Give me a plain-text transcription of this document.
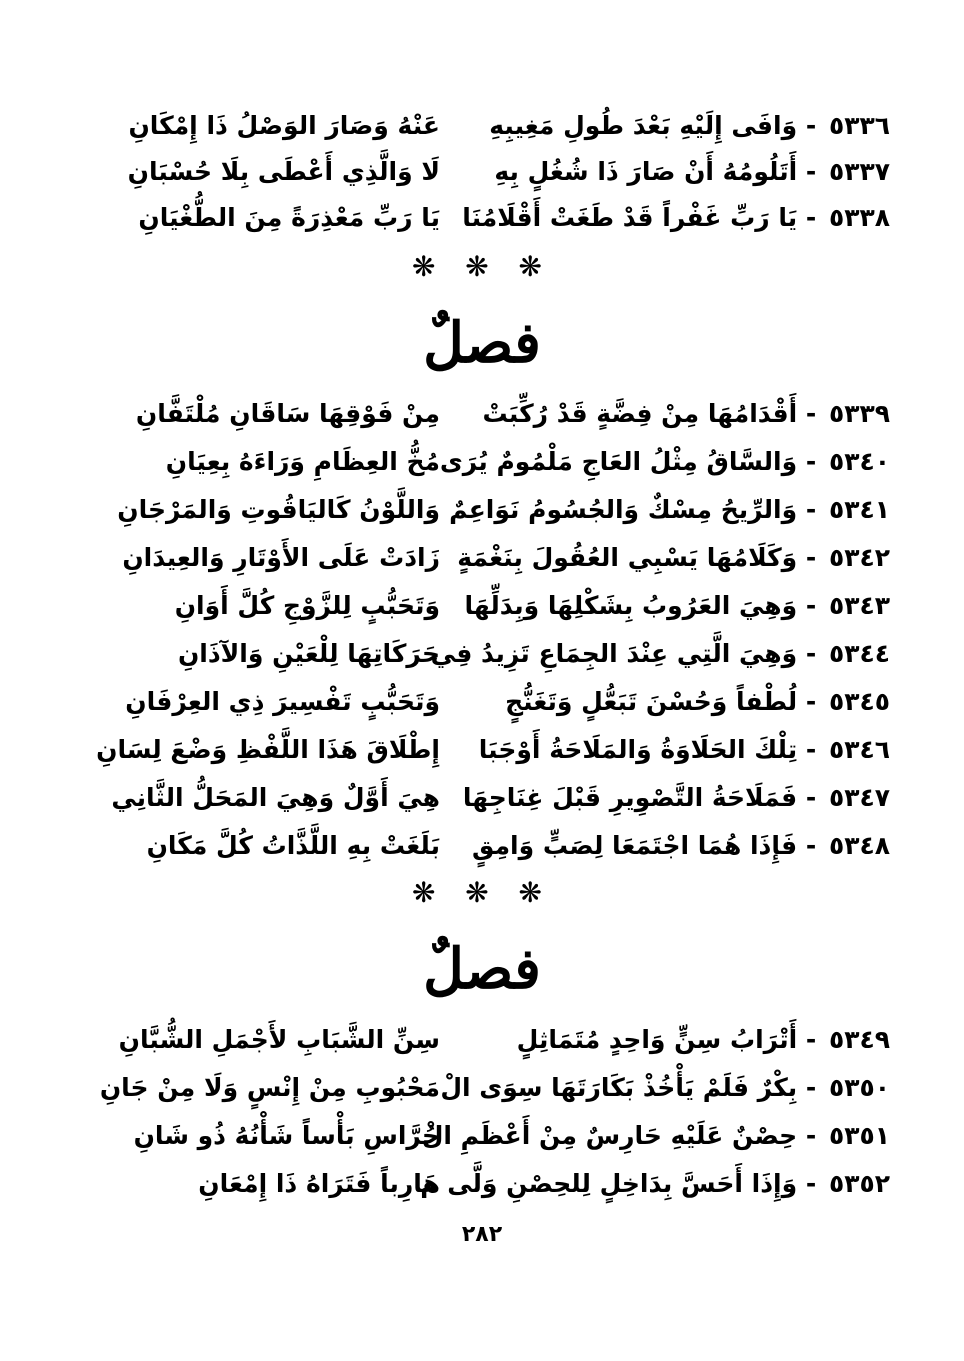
٥٣٣٦ - وَافَى إِلَيْهِ بَعْدَ طُولِ مَغِيبِهِ
عَنْهُ وَصَارَ الوَصْلُ ذَا إِمْكَانِ
٥٣٣٧ - أَتَلُومُهُ أَنْ صَارَ ذَا شُغُلٍ بِهِ
لَا وَالَّذِي أَعْطَى بِلَا حُسْبَانِ
٥٣٣٨ - يَا رَبِّ غَفْراً قَدْ طَغَتْ أَقْلَامُنَا
يَا رَبِّ مَعْذِرَةً مِنَ الطُّغْيَانِ
❋ ❋ ❋
فصلٌ
٥٣٣٩ - أَقْدَامُهَا مِنْ فِضَّةٍ قَدْ رُكِّبَتْ
مِنْ فَوْقِهَا سَاقَانِ مُلْتَفَّانِ
٥٣٤٠ - وَالسَّاقُ مِثْلُ العَاجِ مَلْمُومٌ يُرَى
مُخُّ العِظَامِ وَرَاءَهُ بِعِيَانِ
٥٣٤١ - وَالرِّيحُ مِسْكٌ وَالجُسُومُ نَوَاعِمٌ
وَاللَّوْنُ كَاليَاقُوتِ وَالمَرْجَانِ
٥٣٤٢ - وَكَلَامُهَا يَسْبِي العُقُولَ بِنَغْمَةٍ
زَادَتْ عَلَى الأَوْتَارِ وَالعِيدَانِ
٥٣٤٣ - وَهِيَ العَرُوبُ بِشَكْلِهَا وَبِدَلِّهَا
وَتَحَبُّبٍ لِلزَّوْجِ كُلَّ أَوَانِ
٥٣٤٤ - وَهِيَ الَّتِي عِنْدَ الجِمَاعِ تَزِيدُ فِي
حَرَكَاتِهَا لِلْعَيْنِ وَالآذَانِ
٥٣٤٥ - لُطْفاً وَحُسْنَ تَبَعُّلٍ وَتَغَنُّجٍ
وَتَحَبُّبٍ تَفْسِيرَ ذِي العِرْفَانِ
٥٣٤٦ - تِلْكَ الحَلَاوَةُ وَالمَلَاحَةُ أَوْجَبَا
إِطْلَاقَ هَذَا اللَّفْظِ وَضْعَ لِسَانِ
٥٣٤٧ - فَمَلَاحَةُ التَّصْوِيرِ قَبْلَ غِنَاجِهَا
هِيَ أَوَّلٌ وَهِيَ المَحَلُّ الثَّانِي
٥٣٤٨ - فَإِذَا هُمَا اجْتَمَعَا لِصَبٍّ وَامِقٍ
بَلَغَتْ بِهِ اللَّذَّاتُ كُلَّ مَكَانِ
❋ ❋ ❋
فصلٌ
٥٣٤٩ - أَتْرَابُ سِنٍّ وَاحِدٍ مُتَمَاثِلٍ
سِنِّ الشَّبَابِ لأَجْمَلِ الشُّبَّانِ
٥٣٥٠ - بِكْرٌ فَلَمْ يَأْخُذْ بَكَارَتَهَا سِوَى الْ
مَحْبُوبِ مِنْ إِنْسٍ وَلَا مِنْ جَانِ
٥٣٥١ - حِصْنٌ عَلَيْهِ حَارِسٌ مِنْ أَعْظَمِ الْ
حُرَّاسِ بَأْساً شَأْنُهُ ذُو شَانِ
٥٣٥٢ - وَإِذَا أَحَسَّ بِدَاخِلٍ لِلحِصْنِ وَلَّى م
هَارِباً فَتَرَاهُ ذَا إِمْعَانِ
٢٨٢
